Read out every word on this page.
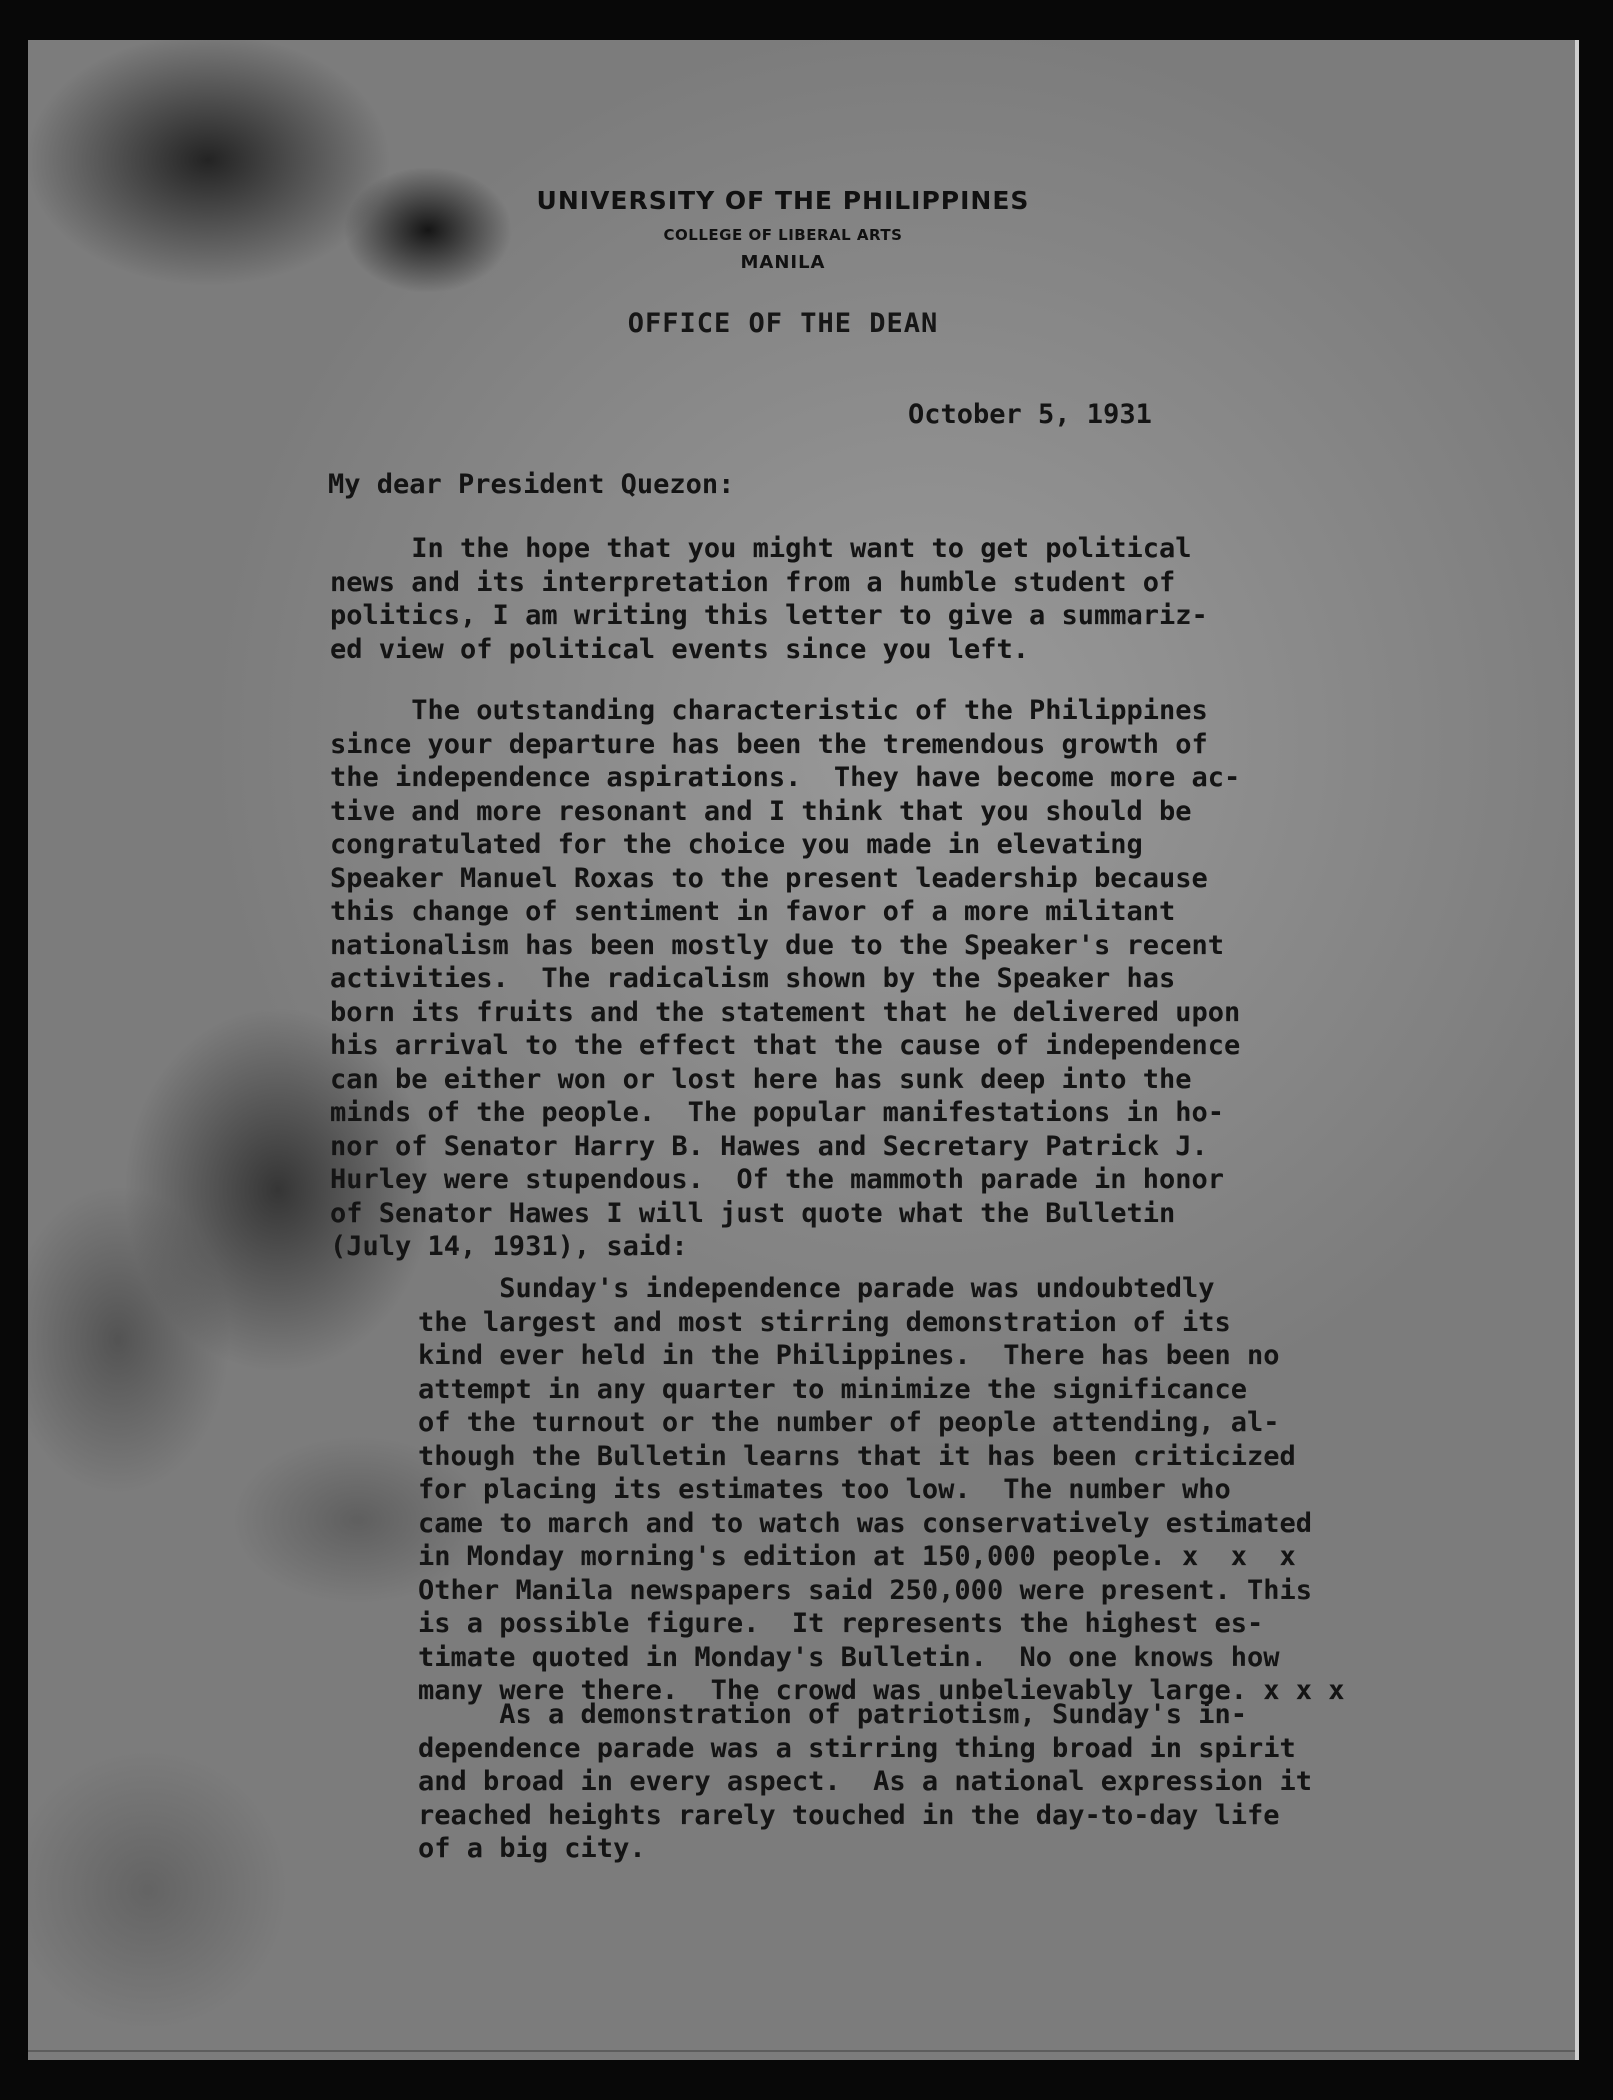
UNIVERSITY OF THE PHILIPPINES
COLLEGE OF LIBERAL ARTS
MANILA
OFFICE OF THE DEAN

October 5, 1931

My dear President Quezon:

In the hope that you might want to get political
news and its interpretation from a humble student of
politics, I am writing this letter to give a summariz-
ed view of political events since you left.

The outstanding characteristic of the Philippines
since your departure has been the tremendous growth of
the independence aspirations.  They have become more ac-
tive and more resonant and I think that you should be
congratulated for the choice you made in elevating
Speaker Manuel Roxas to the present leadership because
this change of sentiment in favor of a more militant
nationalism has been mostly due to the Speaker's recent
activities.  The radicalism shown by the Speaker has
born its fruits and the statement that he delivered upon
his arrival to the effect that the cause of independence
can be either won or lost here has sunk deep into the
minds of the people.  The popular manifestations in ho-
nor of Senator Harry B. Hawes and Secretary Patrick J.
Hurley were stupendous.  Of the mammoth parade in honor
of Senator Hawes I will just quote what the Bulletin
(July 14, 1931), said:

Sunday's independence parade was undoubtedly
the largest and most stirring demonstration of its
kind ever held in the Philippines.  There has been no
attempt in any quarter to minimize the significance
of the turnout or the number of people attending, al-
though the Bulletin learns that it has been criticized
for placing its estimates too low.  The number who
came to march and to watch was conservatively estimated
in Monday morning's edition at 150,000 people. x  x  x
Other Manila newspapers said 250,000 were present. This
is a possible figure.  It represents the highest es-
timate quoted in Monday's Bulletin.  No one knows how
many were there.  The crowd was unbelievably large. x x x

As a demonstration of patriotism, Sunday's in-
dependence parade was a stirring thing broad in spirit
and broad in every aspect.  As a national expression it
reached heights rarely touched in the day-to-day life
of a big city.
